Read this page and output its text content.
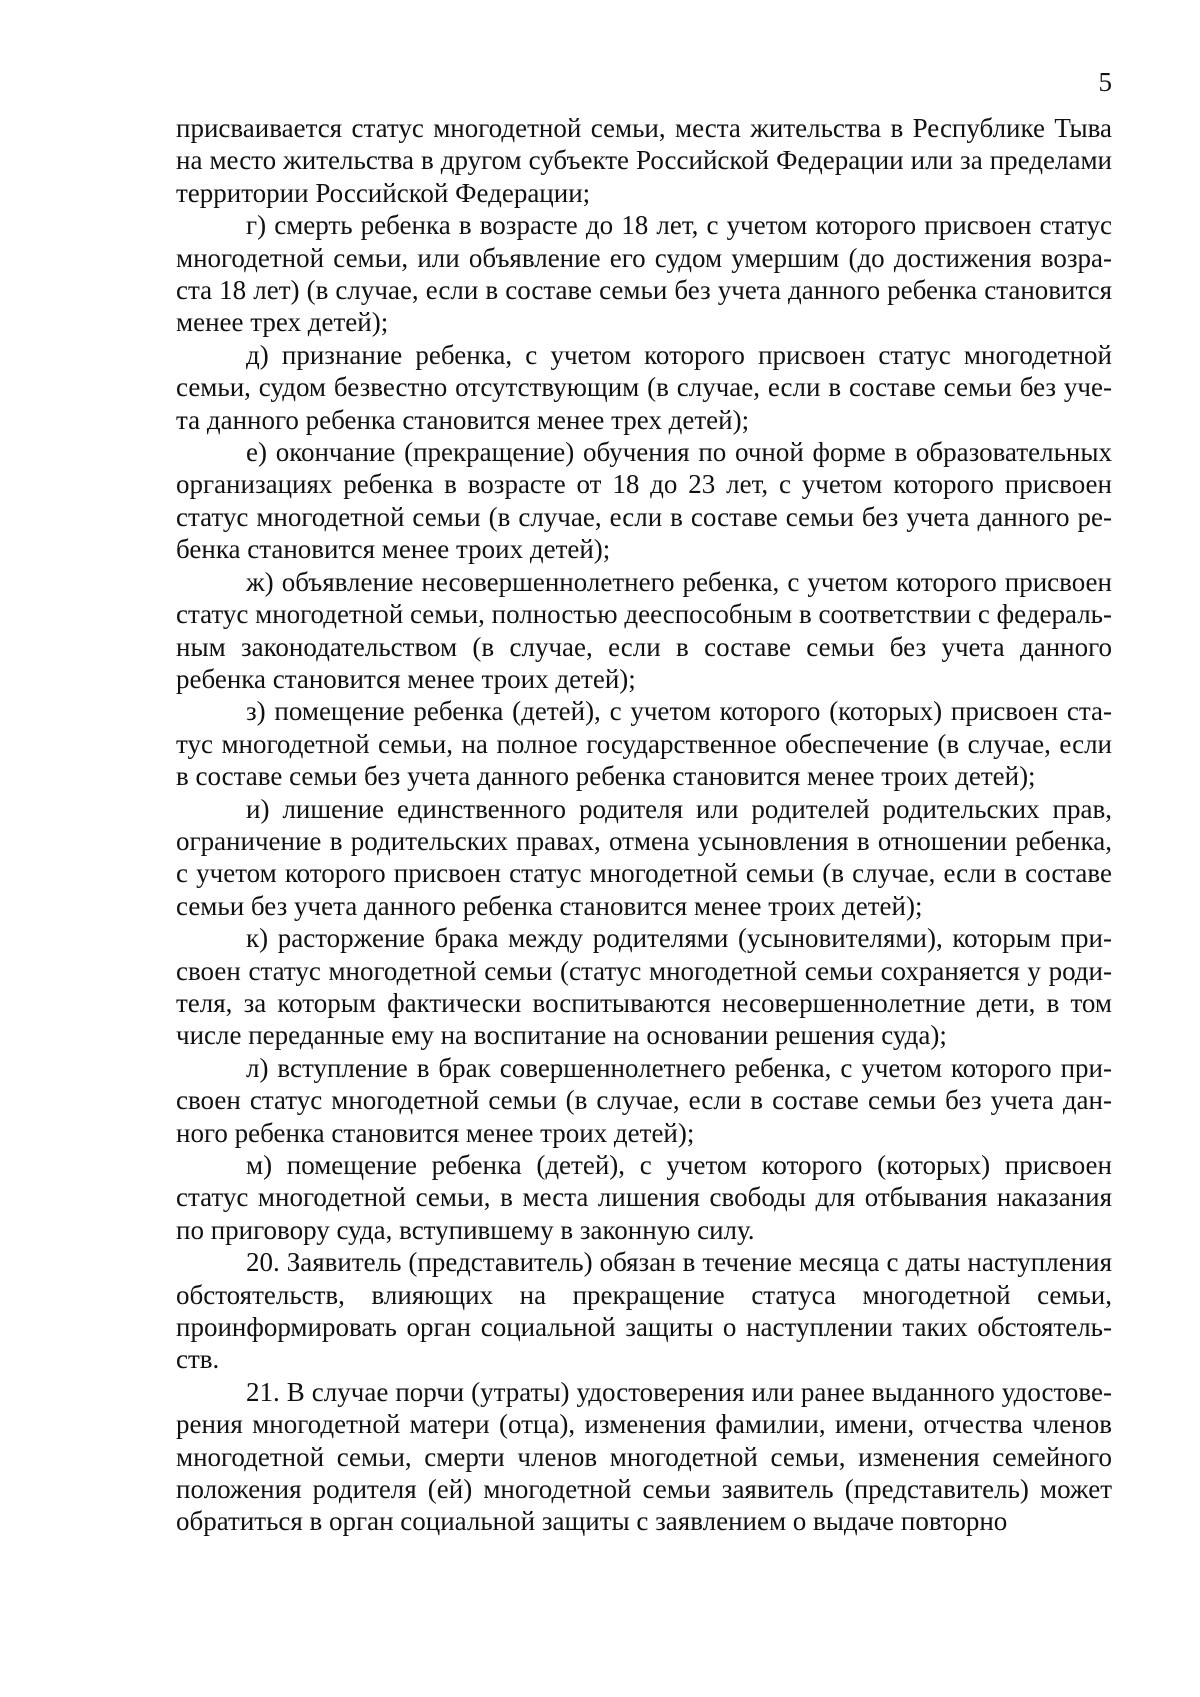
5

присваивается статус многодетной семьи, места жительства в Республике Тыва на место жительства в другом субъекте Российской Федерации или за пределами территории Российской Федерации;

г) смерть ребенка в возрасте до 18 лет, с учетом которого присвоен статус многодетной семьи, или объявление его судом умершим (до достижения возраста 18 лет) (в случае, если в составе семьи без учета данного ребенка становится менее трех детей);

д) признание ребенка, с учетом которого присвоен статус многодетной семьи, судом безвестно отсутствующим (в случае, если в составе семьи без учета данного ребенка становится менее трех детей);

е) окончание (прекращение) обучения по очной форме в образовательных организациях ребенка в возрасте от 18 до 23 лет, с учетом которого присвоен статус многодетной семьи (в случае, если в составе семьи без учета данного ребенка становится менее троих детей);

ж) объявление несовершеннолетнего ребенка, с учетом которого присвоен статус многодетной семьи, полностью дееспособным в соответствии с федеральным законодательством (в случае, если в составе семьи без учета данного ребенка становится менее троих детей);

з) помещение ребенка (детей), с учетом которого (которых) присвоен статус многодетной семьи, на полное государственное обеспечение (в случае, если в составе семьи без учета данного ребенка становится менее троих детей);

и) лишение единственного родителя или родителей родительских прав, ограничение в родительских правах, отмена усыновления в отношении ребенка, с учетом которого присвоен статус многодетной семьи (в случае, если в составе семьи без учета данного ребенка становится менее троих детей);

к) расторжение брака между родителями (усыновителями), которым присвоен статус многодетной семьи (статус многодетной семьи сохраняется у родителя, за которым фактически воспитываются несовершеннолетние дети, в том числе переданные ему на воспитание на основании решения суда);

л) вступление в брак совершеннолетнего ребенка, с учетом которого присвоен статус многодетной семьи (в случае, если в составе семьи без учета данного ребенка становится менее троих детей);

м) помещение ребенка (детей), с учетом которого (которых) присвоен статус многодетной семьи, в места лишения свободы для отбывания наказания по приговору суда, вступившему в законную силу.

20. Заявитель (представитель) обязан в течение месяца с даты наступления обстоятельств, влияющих на прекращение статуса многодетной семьи, проинформировать орган социальной защиты о наступлении таких обстоятельств.

21. В случае порчи (утраты) удостоверения или ранее выданного удостоверения многодетной матери (отца), изменения фамилии, имени, отчества членов многодетной семьи, смерти членов многодетной семьи, изменения семейного положения родителя (ей) многодетной семьи заявитель (представитель) может обратиться в орган социальной защиты с заявлением о выдаче повторно
